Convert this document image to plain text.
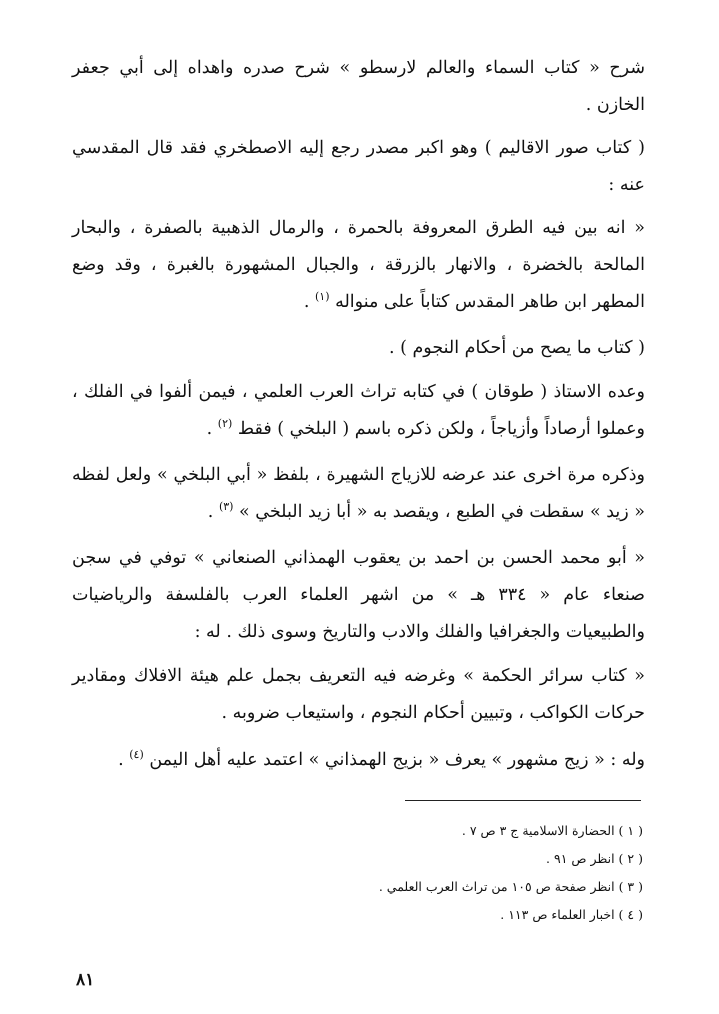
شرح « كتاب السماء والعالم لارسطو » شرح صدره واهداه إلى أبي جعفر الخازن .

( كتاب صور الاقاليم ) وهو اكبر مصدر رجع إليه الاصطخري فقد قال المقدسي عنه :

« انه بين فيه الطرق المعروفة بالحمرة ، والرمال الذهبية بالصفرة ، والبحار المالحة بالخضرة ، والانهار بالزرقة ، والجبال المشهورة بالغبرة ، وقد وضع المطهر ابن طاهر المقدس كتاباً على منواله $^{(١)}$ .

( كتاب ما يصح من أحكام النجوم ) .

وعده الاستاذ ( طوقان ) في كتابه تراث العرب العلمي ، فيمن ألفوا في الفلك ، وعملوا أرصاداً وأزياجاً ، ولكن ذكره باسم ( البلخي ) فقط $^{(٢)}$ .

وذكره مرة اخرى عند عرضه للازياج الشهيرة ، بلفظ « أبي البلخي » ولعل لفظه « زيد » سقطت في الطبع ، ويقصد به « أبا زيد البلخي » $^{(٣)}$ .

« أبو محمد الحسن بن احمد بن يعقوب الهمذاني الصنعاني » توفي في سجن صنعاء عام « ٣٣٤ هـ » من اشهر العلماء العرب بالفلسفة والرياضيات والطبيعيات والجغرافيا والفلك والادب والتاريخ وسوى ذلك . له :

« كتاب سرائر الحكمة » وغرضه فيه التعريف بجمل علم هيئة الافلاك ومقادير حركات الكواكب ، وتبيين أحكام النجوم ، واستيعاب ضروبه .

وله : « زيج مشهور » يعرف « بزيج الهمذاني » اعتمد عليه أهل اليمن $^{(٤)}$ .

( ١ ) الحضارة الاسلامية ج ٣ ص ٧ .

( ٢ ) انظر ص ٩١ .

( ٣ ) انظر صفحة ص ١٠٥ من تراث العرب العلمي .

( ٤ ) اخبار العلماء ص ١١٣ .

٨١
